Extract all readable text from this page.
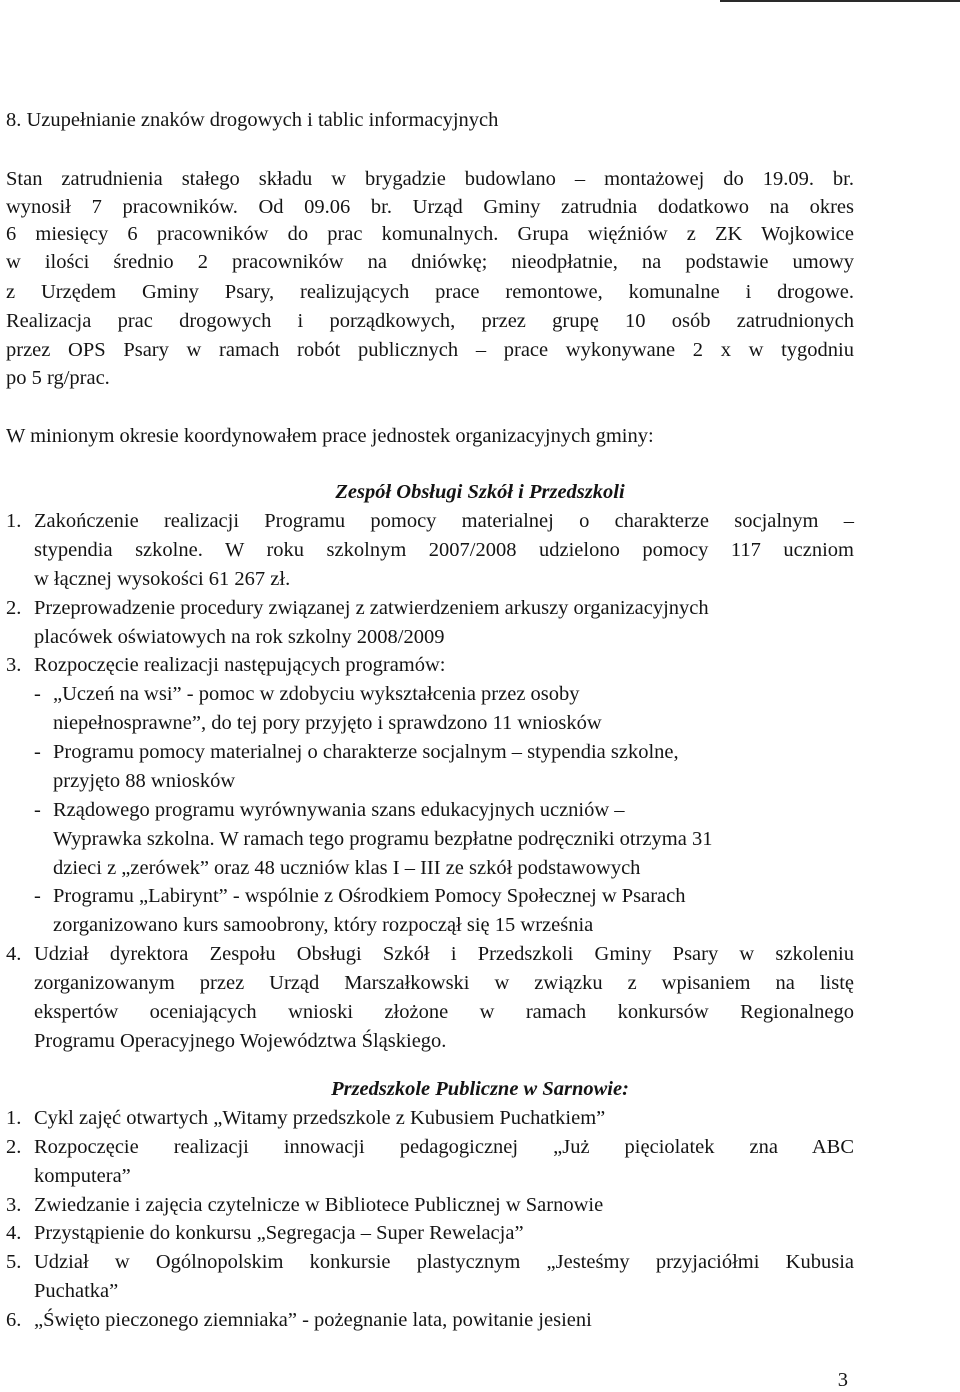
8. Uzupełnianie znaków drogowych i tablic informacyjnych
Stan zatrudnienia stałego składu w brygadzie budowlano – montażowej do 19.09. br.
wynosił 7 pracowników. Od 09.06 br. Urząd Gminy zatrudnia dodatkowo na okres
6 miesięcy 6 pracowników do prac komunalnych. Grupa więźniów z ZK Wojkowice
w ilości średnio 2 pracowników na dniówkę; nieodpłatnie, na podstawie umowy
z Urzędem Gminy Psary, realizujących prace remontowe, komunalne i drogowe.
Realizacja prac drogowych i porządkowych, przez grupę 10 osób zatrudnionych
przez OPS Psary w ramach robót publicznych – prace wykonywane 2 x w tygodniu
po 5 rg/prac.
W minionym okresie koordynowałem prace jednostek organizacyjnych gminy:
Zespół Obsługi Szkół i Przedszkoli
1. Zakończenie realizacji Programu pomocy materialnej o charakterze socjalnym –
stypendia szkolne. W roku szkolnym 2007/2008 udzielono pomocy 117 uczniom
w łącznej wysokości 61 267 zł.
2. Przeprowadzenie procedury związanej z zatwierdzeniem arkuszy organizacyjnych
placówek oświatowych na rok szkolny 2008/2009
3. Rozpoczęcie realizacji następujących programów:
- „Uczeń na wsi” - pomoc w zdobyciu wykształcenia przez osoby
niepełnosprawne”, do tej pory przyjęto i sprawdzono 11 wniosków
- Programu pomocy materialnej o charakterze socjalnym – stypendia szkolne,
przyjęto 88 wniosków
- Rządowego programu wyrównywania szans edukacyjnych uczniów –
Wyprawka szkolna. W ramach tego programu bezpłatne podręczniki otrzyma 31
dzieci z „zerówek” oraz 48 uczniów klas I – III ze szkół podstawowych
- Programu „Labirynt” - wspólnie z Ośrodkiem Pomocy Społecznej w Psarach
zorganizowano kurs samoobrony, który rozpoczął się 15 września
4. Udział dyrektora Zespołu Obsługi Szkół i Przedszkoli Gminy Psary w szkoleniu
zorganizowanym przez Urząd Marszałkowski w związku z wpisaniem na listę
ekspertów oceniających wnioski złożone w ramach konkursów Regionalnego
Programu Operacyjnego Województwa Śląskiego.
Przedszkole Publiczne w Sarnowie:
1. Cykl zajęć otwartych „Witamy przedszkole z Kubusiem Puchatkiem”
2. Rozpoczęcie realizacji innowacji pedagogicznej „Już pięciolatek zna ABC
komputera”
3. Zwiedzanie i zajęcia czytelnicze w Bibliotece Publicznej w Sarnowie
4. Przystąpienie do konkursu „Segregacja – Super Rewelacja”
5. Udział w Ogólnopolskim konkursie plastycznym „Jesteśmy przyjaciółmi Kubusia
Puchatka”
6. „Święto pieczonego ziemniaka” - pożegnanie lata, powitanie jesieni
3
